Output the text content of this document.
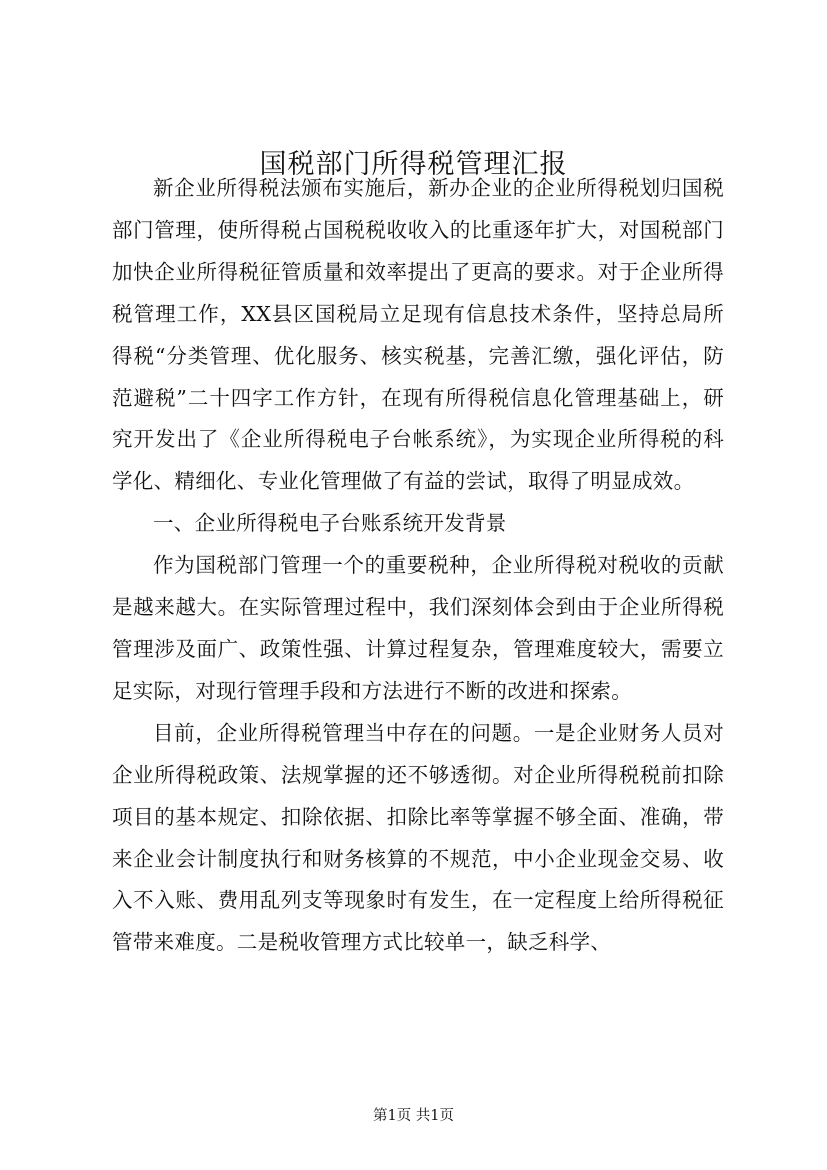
国税部门所得税管理汇报

新企业所得税法颁布实施后，新办企业的企业所得税划归国税部门管理，使所得税占国税税收收入的比重逐年扩大，对国税部门加快企业所得税征管质量和效率提出了更高的要求。对于企业所得税管理工作，XX县区国税局立足现有信息技术条件，坚持总局所得税“分类管理、优化服务、核实税基，完善汇缴，强化评估，防范避税”二十四字工作方针，在现有所得税信息化管理基础上，研究开发出了《企业所得税电子台帐系统》，为实现企业所得税的科学化、精细化、专业化管理做了有益的尝试，取得了明显成效。

一、企业所得税电子台账系统开发背景

作为国税部门管理一个的重要税种，企业所得税对税收的贡献是越来越大。在实际管理过程中，我们深刻体会到由于企业所得税管理涉及面广、政策性强、计算过程复杂，管理难度较大，需要立足实际，对现行管理手段和方法进行不断的改进和探索。

目前，企业所得税管理当中存在的问题。一是企业财务人员对企业所得税政策、法规掌握的还不够透彻。对企业所得税税前扣除项目的基本规定、扣除依据、扣除比率等掌握不够全面、准确，带来企业会计制度执行和财务核算的不规范，中小企业现金交易、收入不入账、费用乱列支等现象时有发生，在一定程度上给所得税征管带来难度。二是税收管理方式比较单一，缺乏科学、

第1页 共1页
